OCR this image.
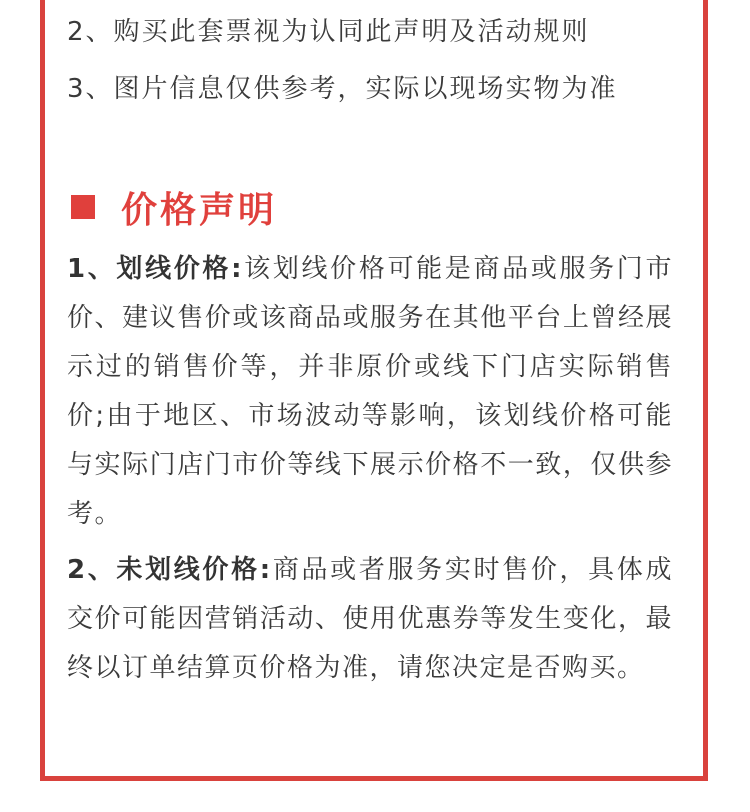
2、购买此套票视为认同此声明及活动规则
3、图片信息仅供参考，实际以现场实物为准
价格声明
1、划线价格:该划线价格可能是商品或服务门市价、建议售价或该商品或服务在其他平台上曾经展示过的销售价等，并非原价或线下门店实际销售价;由于地区、市场波动等影响，该划线价格可能与实际门店门市价等线下展示价格不一致，仅供参考。
2、未划线价格:商品或者服务实时售价，具体成交价可能因营销活动、使用优惠券等发生变化，最终以订单结算页价格为准，请您决定是否购买。
